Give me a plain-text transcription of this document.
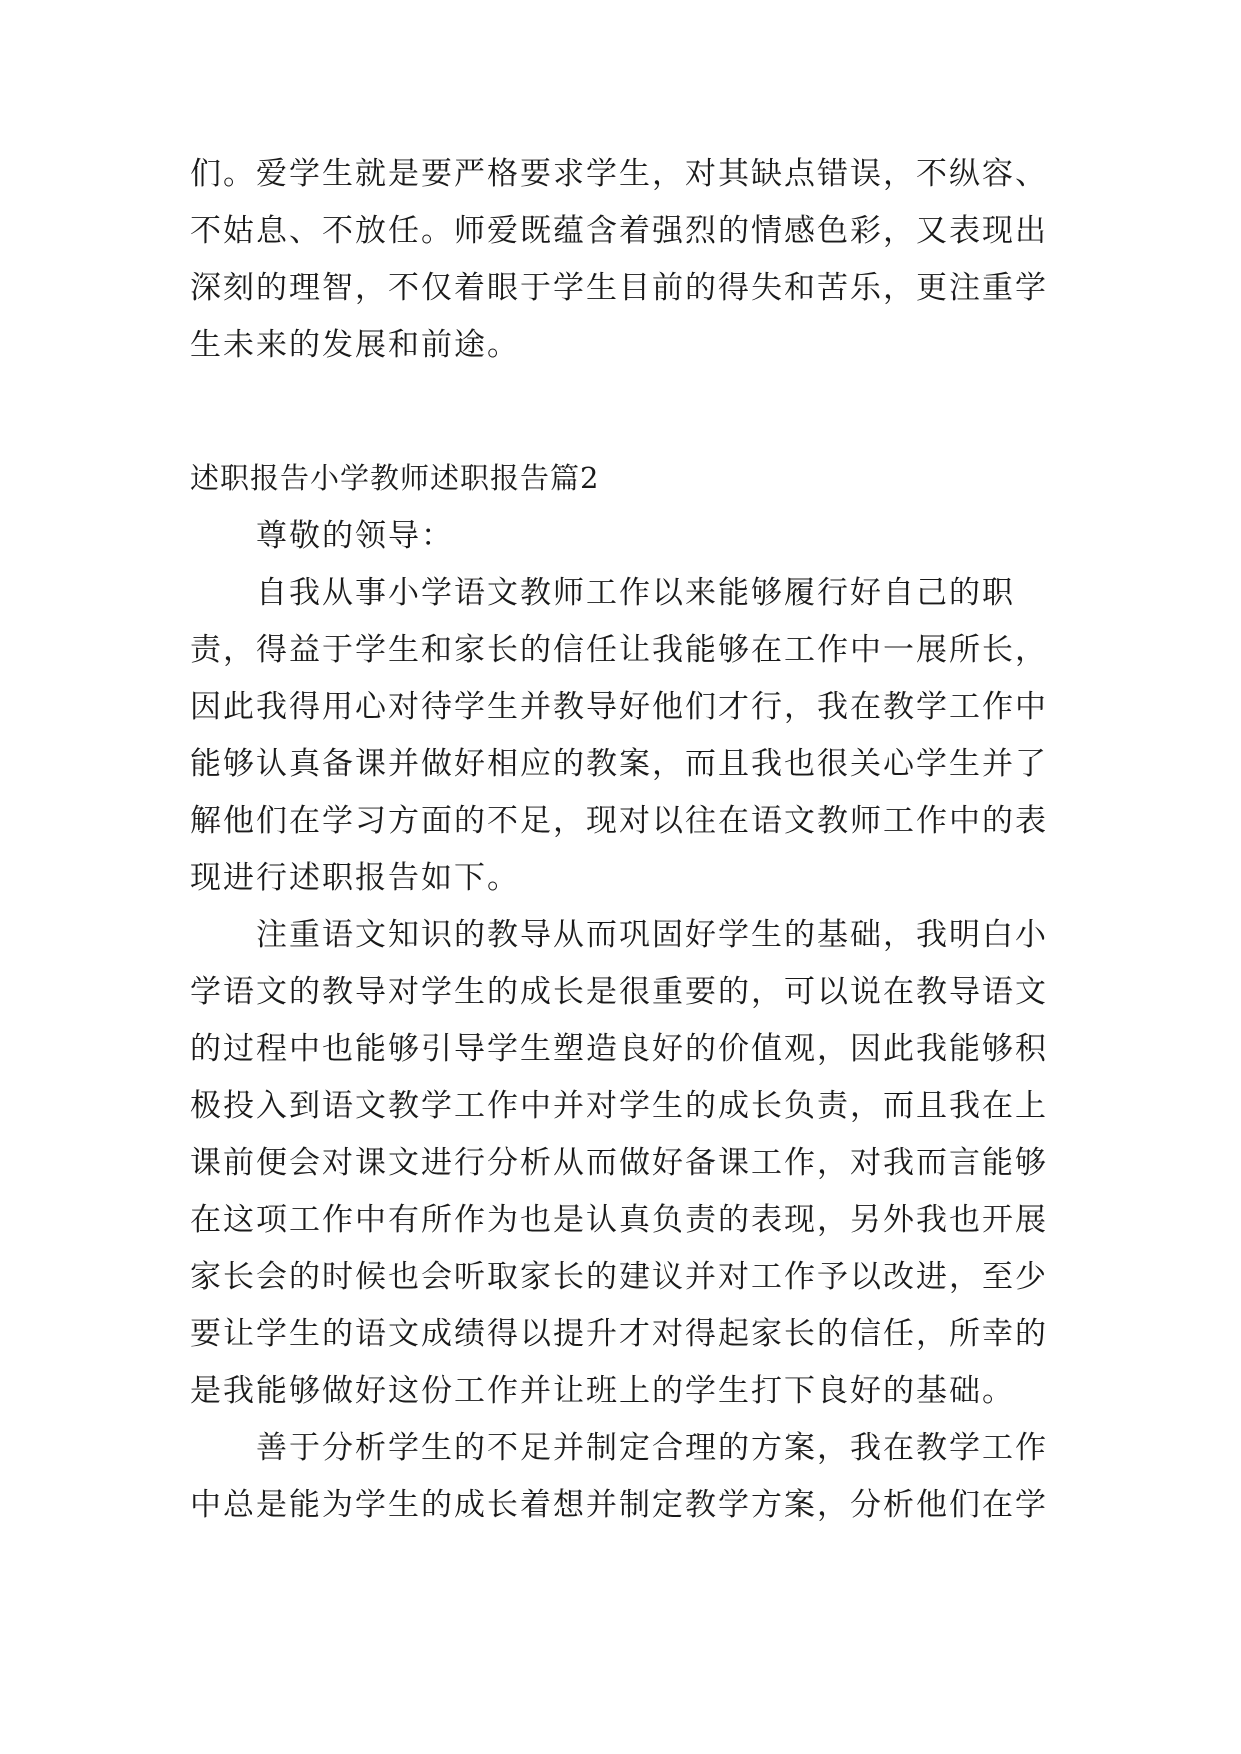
们。爱学生就是要严格要求学生，对其缺点错误，不纵容、
不姑息、不放任。师爱既蕴含着强烈的情感色彩，又表现出
深刻的理智，不仅着眼于学生目前的得失和苦乐，更注重学
生未来的发展和前途。
述职报告小学教师述职报告篇2
尊敬的领导：
自我从事小学语文教师工作以来能够履行好自己的职
责，得益于学生和家长的信任让我能够在工作中一展所长，
因此我得用心对待学生并教导好他们才行，我在教学工作中
能够认真备课并做好相应的教案，而且我也很关心学生并了
解他们在学习方面的不足，现对以往在语文教师工作中的表
现进行述职报告如下。
注重语文知识的教导从而巩固好学生的基础，我明白小
学语文的教导对学生的成长是很重要的，可以说在教导语文
的过程中也能够引导学生塑造良好的价值观，因此我能够积
极投入到语文教学工作中并对学生的成长负责，而且我在上
课前便会对课文进行分析从而做好备课工作，对我而言能够
在这项工作中有所作为也是认真负责的表现，另外我也开展
家长会的时候也会听取家长的建议并对工作予以改进，至少
要让学生的语文成绩得以提升才对得起家长的信任，所幸的
是我能够做好这份工作并让班上的学生打下良好的基础。
善于分析学生的不足并制定合理的方案，我在教学工作
中总是能为学生的成长着想并制定教学方案，分析他们在学
